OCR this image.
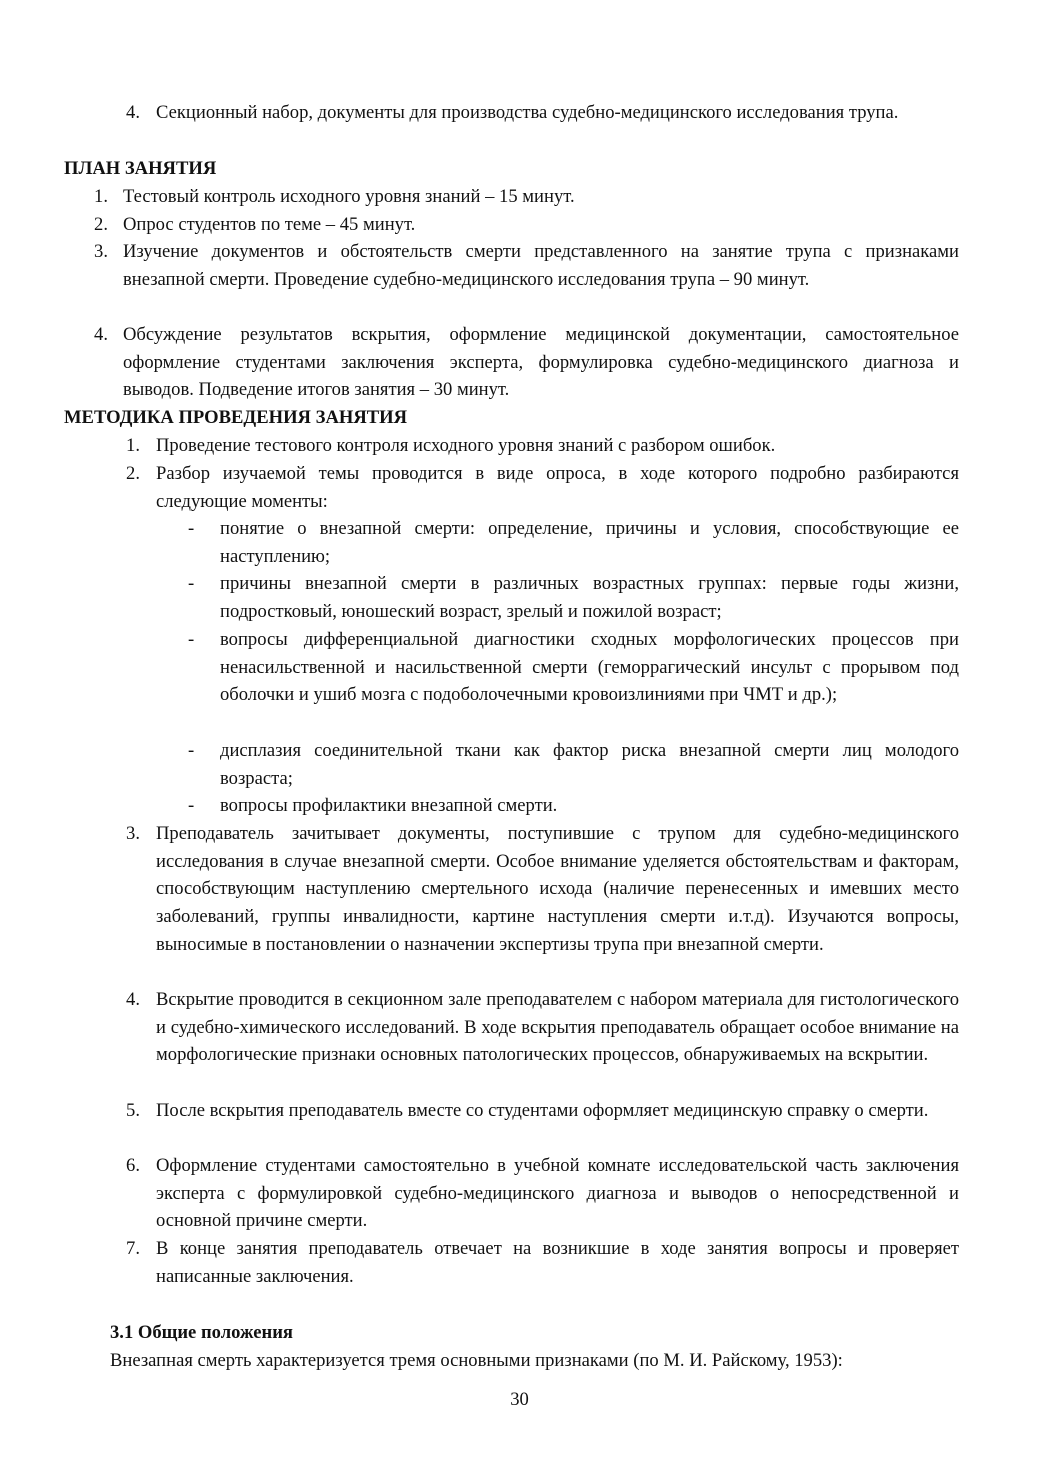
4. Секционный набор, документы для производства судебно-медицинского исследования трупа.
ПЛАН ЗАНЯТИЯ
1. Тестовый контроль исходного уровня знаний – 15 минут.
2. Опрос студентов по теме – 45 минут.
3. Изучение документов и обстоятельств смерти представленного на занятие трупа с признаками внезапной смерти. Проведение судебно-медицинского исследования трупа – 90 минут.
4. Обсуждение результатов вскрытия, оформление медицинской документации, самостоятельное оформление студентами заключения эксперта, формулировка судебно-медицинского диагноза и выводов. Подведение итогов занятия – 30 минут.
МЕТОДИКА ПРОВЕДЕНИЯ ЗАНЯТИЯ
1. Проведение тестового контроля исходного уровня знаний с разбором ошибок.
2. Разбор изучаемой темы проводится в виде опроса, в ходе которого подробно разбираются следующие моменты:
- понятие о внезапной смерти: определение, причины и условия, способствующие ее наступлению;
- причины внезапной смерти в различных возрастных группах: первые годы жизни, подростковый, юношеский возраст, зрелый и пожилой возраст;
- вопросы дифференциальной диагностики сходных морфологических процессов при ненасильственной и насильственной смерти (геморрагический инсульт с прорывом под оболочки и ушиб мозга с подоболочечными кровоизлиниями при ЧМТ и др.);
- дисплазия соединительной ткани как фактор риска внезапной смерти лиц молодого возраста;
- вопросы профилактики внезапной смерти.
3. Преподаватель зачитывает документы, поступившие с трупом для судебно-медицинского исследования в случае внезапной смерти. Особое внимание уделяется обстоятельствам и факторам, способствующим наступлению смертельного исхода (наличие перенесенных и имевших место заболеваний, группы инвалидности, картине наступления смерти и.т.д). Изучаются вопросы, выносимые в постановлении о назначении экспертизы трупа при внезапной смерти.
4. Вскрытие проводится в секционном зале преподавателем с набором материала для гистологического и судебно-химического исследований. В ходе вскрытия преподаватель обращает особое внимание на морфологические признаки основных патологических процессов, обнаруживаемых на вскрытии.
5. После вскрытия преподаватель вместе со студентами оформляет медицинскую справку о смерти.
6. Оформление студентами самостоятельно в учебной комнате исследовательской часть заключения эксперта с формулировкой судебно-медицинского диагноза и выводов о непосредственной и основной причине смерти.
7. В конце занятия преподаватель отвечает на возникшие в ходе занятия вопросы и проверяет написанные заключения.
3.1 Общие положения
Внезапная смерть характеризуется тремя основными признаками (по М. И. Райскому, 1953):
30
